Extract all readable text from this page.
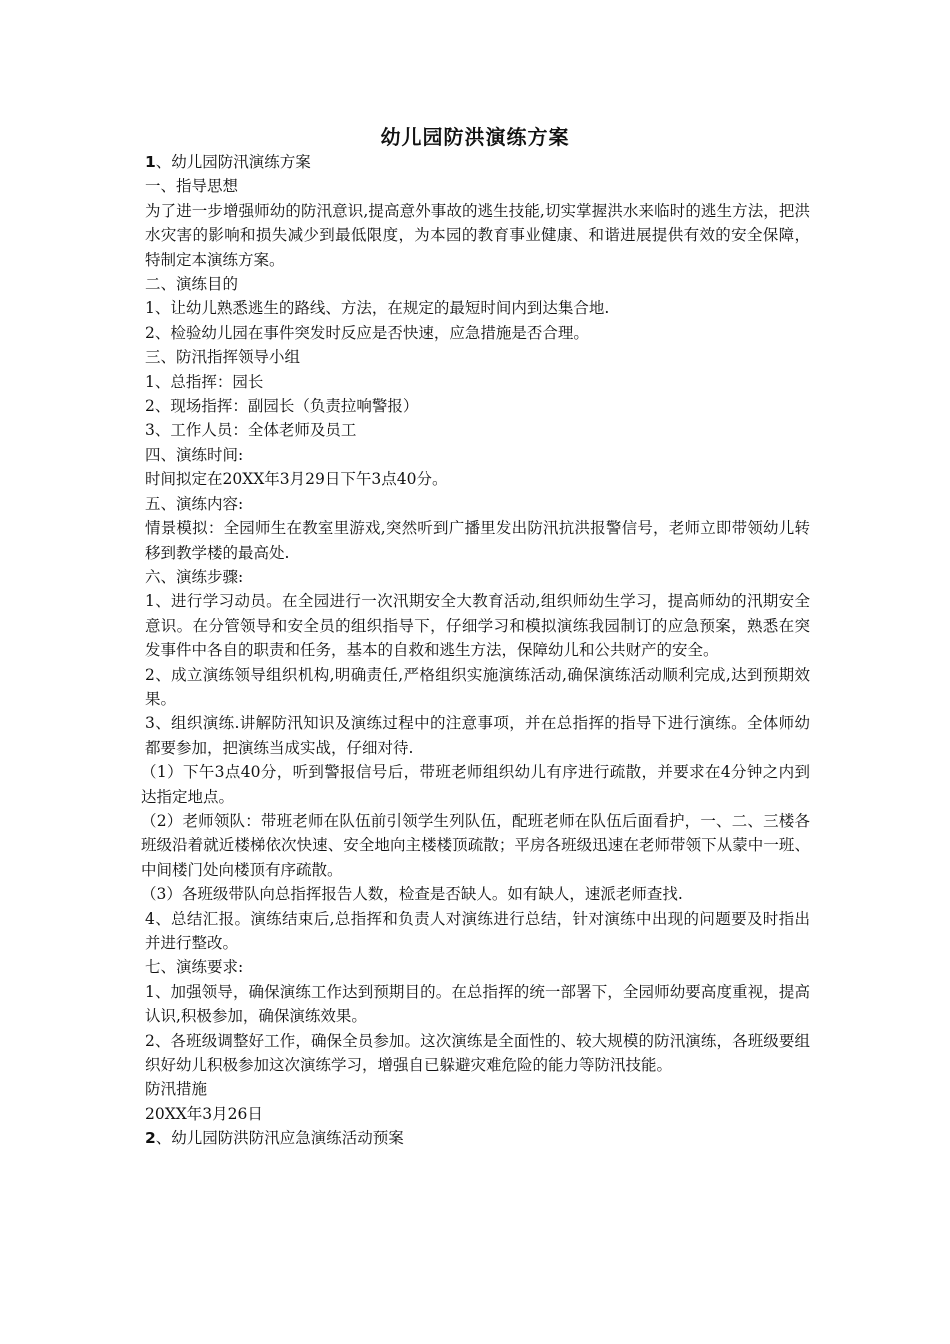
幼儿园防洪演练方案

1、幼儿园防汛演练方案

一、指导思想

为了进一步增强师幼的防汛意识,提高意外事故的逃生技能,切实掌握洪水来临时的逃生方法，把洪水灾害的影响和损失减少到最低限度，为本园的教育事业健康、和谐进展提供有效的安全保障，特制定本演练方案。

二、演练目的

1、让幼儿熟悉逃生的路线、方法，在规定的最短时间内到达集合地.

2、检验幼儿园在事件突发时反应是否快速，应急措施是否合理。

三、防汛指挥领导小组

1、总指挥：园长

2、现场指挥：副园长（负责拉响警报）

3、工作人员：全体老师及员工

四、演练时间:

时间拟定在20XX年3月29日下午3点40分。

五、演练内容:

情景模拟：全园师生在教室里游戏,突然听到广播里发出防汛抗洪报警信号，老师立即带领幼儿转移到教学楼的最高处.

六、演练步骤:

1、进行学习动员。在全园进行一次汛期安全大教育活动,组织师幼生学习，提高师幼的汛期安全意识。在分管领导和安全员的组织指导下，仔细学习和模拟演练我园制订的应急预案，熟悉在突发事件中各自的职责和任务，基本的自救和逃生方法，保障幼儿和公共财产的安全。

2、成立演练领导组织机构,明确责任,严格组织实施演练活动,确保演练活动顺利完成,达到预期效果。

3、组织演练.讲解防汛知识及演练过程中的注意事项，并在总指挥的指导下进行演练。全体师幼都要参加，把演练当成实战，仔细对待.

（1）下午3点40分，听到警报信号后，带班老师组织幼儿有序进行疏散，并要求在4分钟之内到达指定地点。

（2）老师领队：带班老师在队伍前引领学生列队伍，配班老师在队伍后面看护，一、二、三楼各班级沿着就近楼梯依次快速、安全地向主楼楼顶疏散；平房各班级迅速在老师带领下从蒙中一班、中间楼门处向楼顶有序疏散。

（3）各班级带队向总指挥报告人数，检查是否缺人。如有缺人，速派老师查找.

4、总结汇报。演练结束后,总指挥和负责人对演练进行总结，针对演练中出现的问题要及时指出并进行整改。

七、演练要求:

1、加强领导，确保演练工作达到预期目的。在总指挥的统一部署下，全园师幼要高度重视，提高认识,积极参加，确保演练效果。

2、各班级调整好工作，确保全员参加。这次演练是全面性的、较大规模的防汛演练，各班级要组织好幼儿积极参加这次演练学习，增强自已躲避灾难危险的能力等防汛技能。

防汛措施

20XX年3月26日

2、幼儿园防洪防汛应急演练活动预案
